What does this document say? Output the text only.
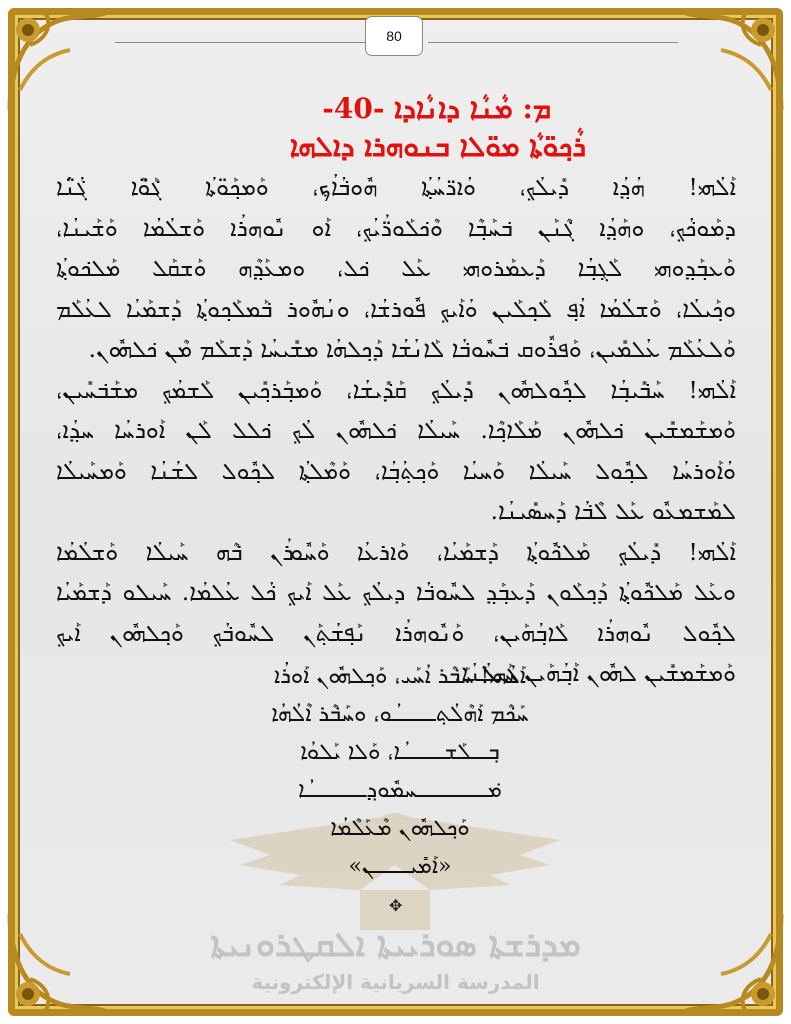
80
ܡ: ܡܵܢܵܐ ܕܐܢܵܐܕܐ -40-
ܪܵܟ݂ܘ̈ܬܵܐ ܡܘ̈ܠܐ ܒܢܘܗܪܐ ܕܐܠܗܐ
ܐܰܠܳܗܝ! ܗܳܕ݂ܳܐ ܕܺܝܠܳܟ݂، ܘܳܐܪ̈ܚܳܬ݂ܳܐ ܗܽܘܒ݁ܳܐܳܟ݂، ܘܰܡܟ݂ܰܘ̈ܬܳܐ ܓ݁ܰܘ̈ܶܐ ܓ݁ܳܢ̈ܳܐ
ܕܡܰܘܟ݁ܳܟ݂، ܘܗܰܕ݂ܳܐ ܓ݁ܶܢܰܢ ܒ݁ܚܰܒ݂ܶܐ ܘܶܟ݁ܠܰܘܪ̈ܳܝܳܟ݂، ܐܰܘ ܢܽܘܗܪܳܐ ܘܰܫܠܳܡܳܐ ܘܰܫܰܝܢܳܐ،
ܘܰܥܒ݂ܰܕ݂ܘܗܝ ܠܰܓ݂ܒ݂ܳܐ ܕܰܥܡܰܪܘܗܝ ܥܰܠ ܟ݁ܠ، ܘܡܥܰܕ݂ܶܗ ܘܰܫܩܰܠ ܡܰܠܟ݁ܘܬ݂ܳܐ
ܘܟ݂ܰܝܠܳܐ، ܘܰܫܠܳܡܳܐ ܐܳܦ݂ ܠܰܟ݂ܠܰܝܢ ܘܳܐܰܝܟ݂ ܦܽܘܪܫܳܐ، ܘܢܳܗܽܘܪ ܒ݁ܰܡܠܰܟ݂ܘܬ݂ܳܐ ܕܰܫܡܰܝܳܐ ܠܥܳܠܰܡ
ܘܰܠܥܳܠܰܡ ܥܳܠܡܺܝܢ، ܘܰܦܪܽܘܩ ܒ݁ܚܽܘܒ݁ܳܐ ܠܰܐܢܳܫܳܐ ܕܰܟ݂ܠܗܳܐ ܡܫܺܝܚܳܐ ܕܰܫܠܰܡ ܡܶܢ ܟ݁ܠܗܽܘܢ.
ܐܰܠܳܗܝ! ܚܰܒ݁ܺܝܒ݂ܳܐ ܠܟ݂ܽܘܠܗܽܘܢ ܕܺܝܠܳܟ݂ ܩܰܕ݁ܺܝܫܳܐ، ܘܰܡܒ݂ܰܪܟ݂ܺܝܢ ܠܰܫܡܳܟ݂ ܡܫܰܒ݁ܚܺܝܢ،
ܘܰܡܫܰܡܫܺܝܢ ܟ݁ܠܗܽܘܢ ܡܰܠܰܐܟ݂ܶܐ. ܚܰܝܠܳܐ ܟ݁ܠܗܽܘܢ ܠܳܟ݂ ܟ݁ܠܠ ܠܰܢ ܐܰܘܪܚܳܐ ܚܕ݂ܳܐ،
ܘܳܐܰܘܪܚܳܐ ܠܟ݂ܽܘܠ ܚܰܝܠܳܐ ܘܰܚܝܳܐ ܘܰܟ݂ܬ݂ܳܒ݂ܳܐ، ܘܰܡܶܠܬ݂ܳܐ ܠܟ݂ܽܘܠ ܠܫܳܢܳܐ ܘܰܡܚܰܝܠܳܐ
ܠܡܰܫܡܥܽܘ ܥܰܠ ܠܶܒ݁ܳܐ ܕܰܚܣܺܝܢܳܐ.
ܐܰܠܳܗܝ! ܕܺܝܠܳܟ݂ ܡܰܠܟ݁ܽܘܬ݂ܳܐ ܕܰܫܡܰܝܳܐ، ܘܰܐܪܥܳܐ ܘܰܚܽܘܪܳܢ ܒ݁ܶܗ ܚܰܝܠܳܐ ܘܰܫܠܳܡܳܐ
ܘܥܰܠ ܡܰܠܟ݁ܽܘܬ݂ܳܐ ܕܰܟ݂ܠܰܘܢ ܕܰܥܒ݂ܰܕ݂ ܠܚܽܘܒ݁ܳܐ ܕܝܠܳܟ݂ ܥܰܠ ܐܰܝܟ݂ ܟ݁ܳܠ ܥܳܠܡܳܐ. ܚܰܝܠܘ ܕܰܫܡܰܝܳܐ
ܠܟ݂ܽܘܠ ܢܽܘܗܪܳܐ ܠܰܐܒ݂ܳܗܰܝܢ، ܘܰܢܽܘܗܪܳܐ ܢܰܦ݂ܫܳܬ݂ܰܢ ܠܚܽܘܒ݁ܳܟ݂ ܘܰܟ݂ܠܗܽܘܢ ܐܰܝܟ݂
ܘܰܡܫܰܡܫܺܝܢ ܠܗܽܘܢ ܐܰܒ݂ܳܗܰܝܢ ܚܰܝܠܳܢܳܐ.
ܐܰܠܳܗܝ! ܚܰܒ݁ܶܪ ܐܳܚܰܝ، ܘܰܟ݂ܠܗܽܘܢ ܐܰܘܪܳܐ
ܚܰܟ݁ܶܡ ܐܰܗܶܠܳܬ݂ـــــܳܘ، ܘܚܰܒ݁ܶܪ ܐܶܠܳܗܳܐ
ܒ݂ــܠܰܫـــــܳܐ، ܘܰܠܐ ܝܰܠܘܳܐ
ܡ݁ــــــــܚܡܽܘܕ݂ـــــــܳܐ
ܘܰܟ݂ܠܗܽܘܢ ܡܶܥܰܠܶܡܳܐ
«ܐܰܡܺܝــــܢ»
✥
ܡܕܪܫܬܐ ܣܘܪܝܝܬܐ ܐܠܩܛܪܘܢܝܬܐ
المدرسة السريانية الإلكترونية
